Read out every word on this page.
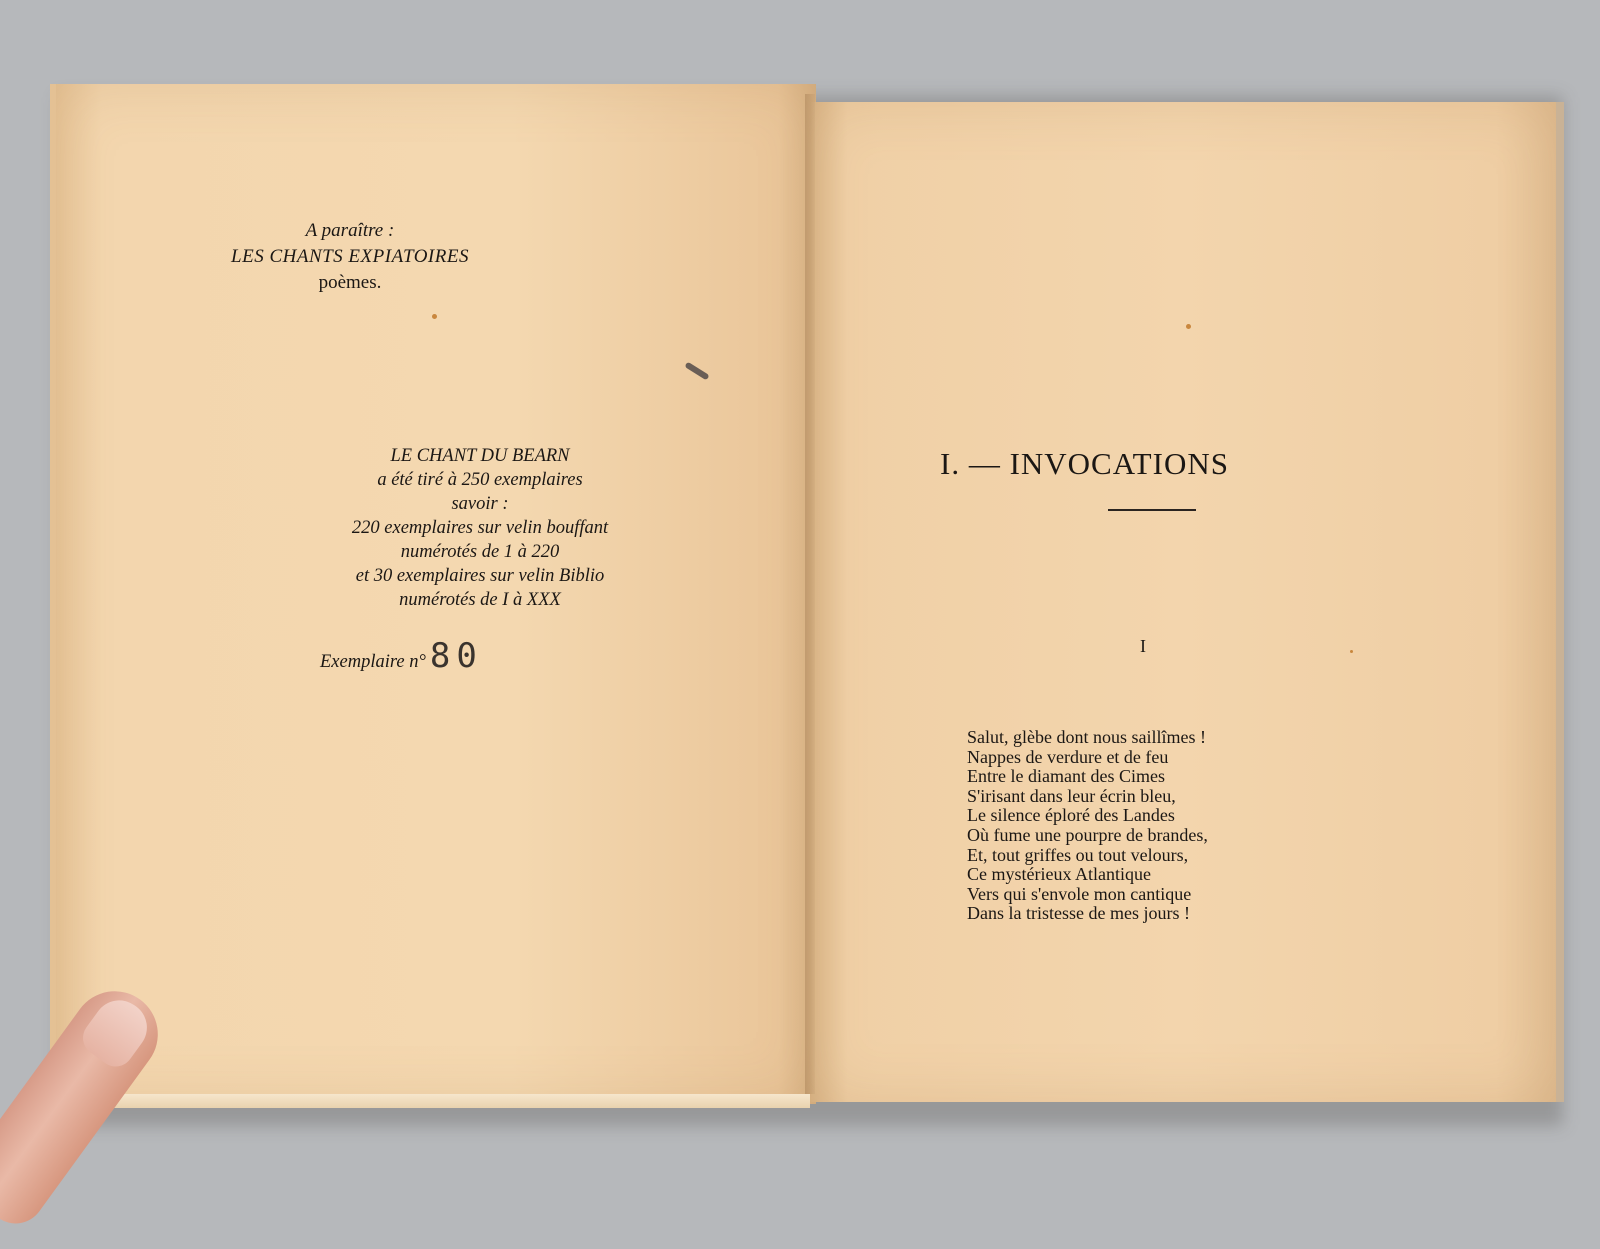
A paraître :
LES CHANTS EXPIATOIRES
poèmes.
LE CHANT DU BEARN
a été tiré à 250 exemplaires
savoir :
220 exemplaires sur velin bouffant
numérotés de 1 à 220
et 30 exemplaires sur velin Biblio
numérotés de I à XXX
Exemplaire n° 80
I. — INVOCATIONS
I
Salut, glèbe dont nous saillîmes !
Nappes de verdure et de feu
Entre le diamant des Cimes
S'irisant dans leur écrin bleu,
Le silence éploré des Landes
Où fume une pourpre de brandes,
Et, tout griffes ou tout velours,
Ce mystérieux Atlantique
Vers qui s'envole mon cantique
Dans la tristesse de mes jours !
